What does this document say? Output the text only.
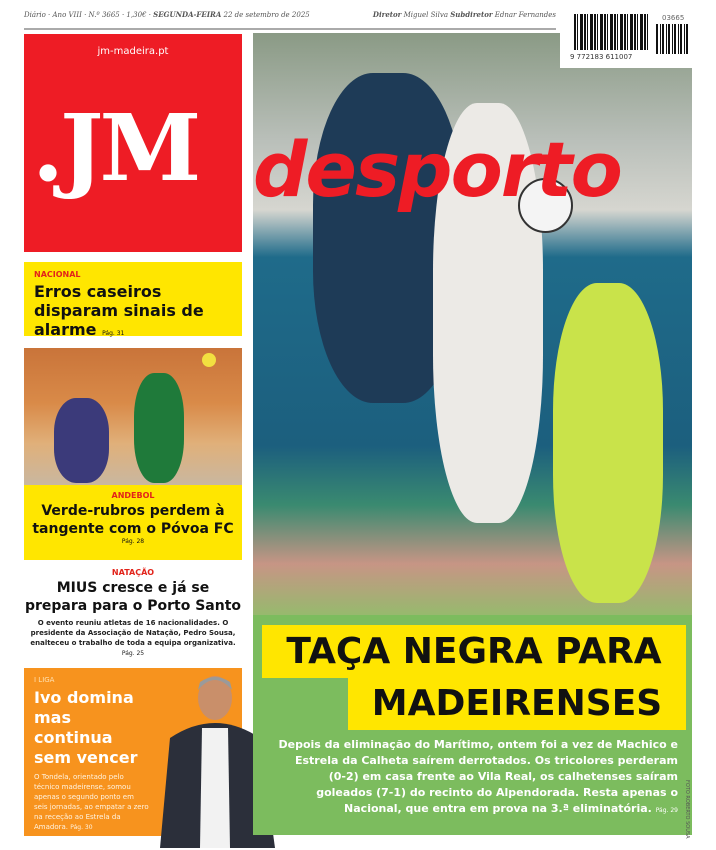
Diário · Ano VIII · N.º 3665 · 1,30€ · SEGUNDA-FEIRA 22 de setembro de 2025	Diretor Miguel Silva Subdiretor Ednar Fernandes
desporto
9 772183 611007
03665
jm-madeira.pt
.JM
NACIONAL
Erros caseiros disparam sinais de alarme Pág. 31
ANDEBOL
Verde-rubros perdem à tangente com o Póvoa FC
Pág. 28
NATAÇÃO
MIUS cresce e já se prepara para o Porto Santo
O evento reuniu atletas de 16 nacionalidades. O presidente da Associação de Natação, Pedro Sousa, enalteceu o trabalho de toda a equipa organizativa. Pág. 25
I LIGA
Ivo domina mas continua sem vencer
O Tondela, orientado pelo técnico madeirense, somou apenas o segundo ponto em seis jornadas, ao empatar a zero na receção ao Estrela da Amadora. Pág. 30
TAÇA NEGRA PARA
MADEIRENSES
Depois da eliminação do Marítimo, ontem foi a vez de Machico e Estrela da Calheta saírem derrotados. Os tricolores perderam (0-2) em casa frente ao Vila Real, os calhetenses saíram goleados (7-1) do recinto do Alpendorada. Resta apenas o Nacional, que entra em prova na 3.ª eliminatória. Pág. 29 FOTO ROBERTO SOUSA
